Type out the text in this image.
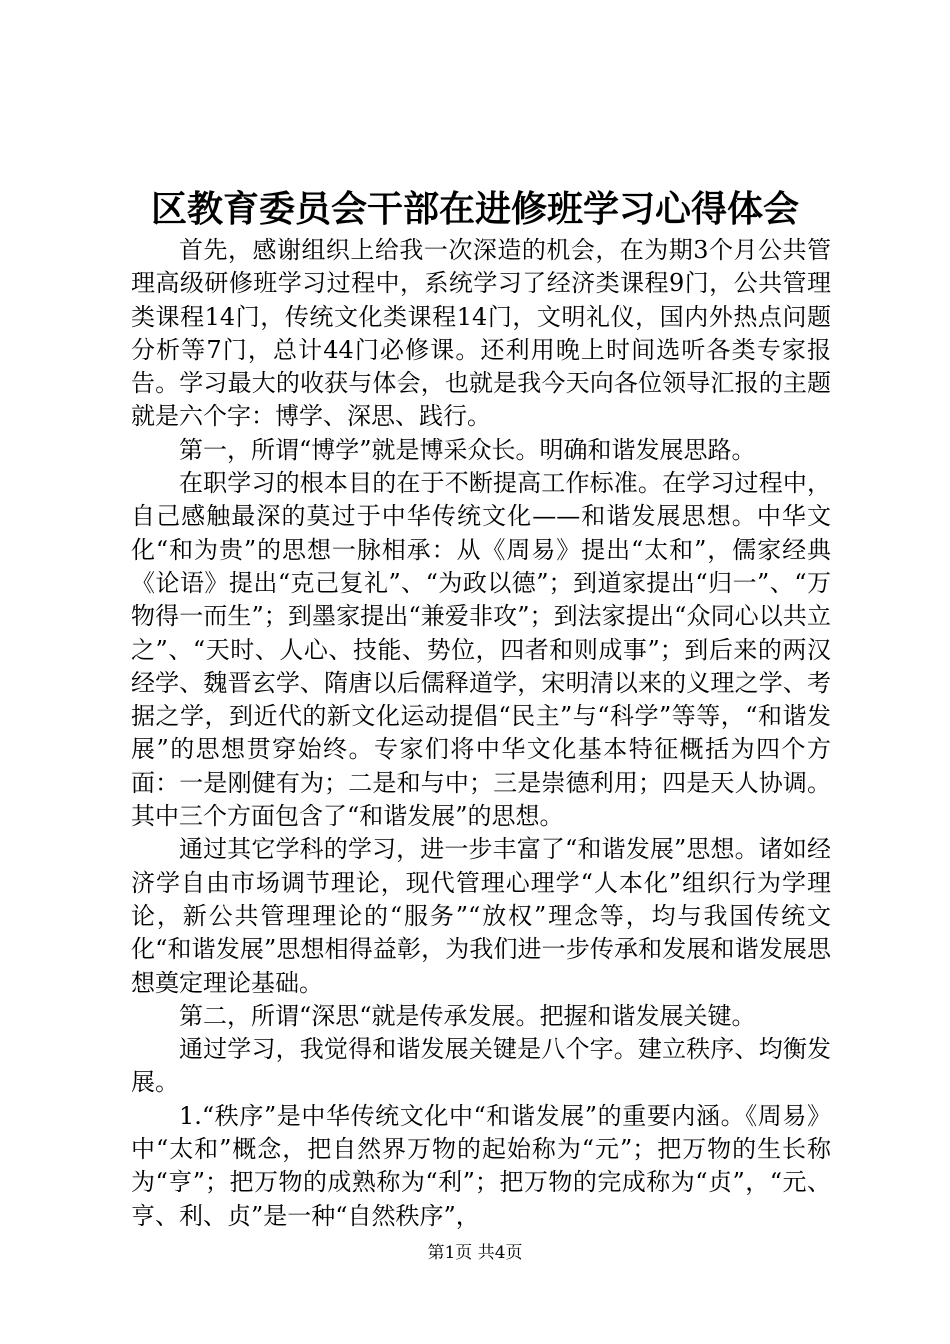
区教育委员会干部在进修班学习心得体会

首先，感谢组织上给我一次深造的机会，在为期3个月公共管理高级研修班学习过程中，系统学习了经济类课程9门，公共管理类课程14门，传统文化类课程14门，文明礼仪，国内外热点问题分析等7门，总计44门必修课。还利用晚上时间选听各类专家报告。学习最大的收获与体会，也就是我今天向各位领导汇报的主题就是六个字：博学、深思、践行。

第一，所谓“博学”就是博采众长。明确和谐发展思路。

在职学习的根本目的在于不断提高工作标准。在学习过程中，自己感触最深的莫过于中华传统文化——和谐发展思想。中华文化“和为贵”的思想一脉相承：从《周易》提出“太和”，儒家经典《论语》提出“克己复礼”、“为政以德”；到道家提出“归一”、“万物得一而生”；到墨家提出“兼爱非攻”；到法家提出“众同心以共立之”、“天时、人心、技能、势位，四者和则成事”；到后来的两汉经学、魏晋玄学、隋唐以后儒释道学，宋明清以来的义理之学、考据之学，到近代的新文化运动提倡“民主”与“科学”等等，“和谐发展”的思想贯穿始终。专家们将中华文化基本特征概括为四个方面：一是刚健有为；二是和与中；三是崇德利用；四是天人协调。其中三个方面包含了“和谐发展”的思想。

通过其它学科的学习，进一步丰富了“和谐发展”思想。诸如经济学自由市场调节理论，现代管理心理学“人本化”组织行为学理论，新公共管理理论的“服务”“放权”理念等，均与我国传统文化“和谐发展”思想相得益彰，为我们进一步传承和发展和谐发展思想奠定理论基础。

第二，所谓“深思“就是传承发展。把握和谐发展关键。

通过学习，我觉得和谐发展关键是八个字。建立秩序、均衡发展。

1.“秩序”是中华传统文化中“和谐发展”的重要内涵。《周易》中“太和”概念，把自然界万物的起始称为“元”；把万物的生长称为“亨”；把万物的成熟称为“利”；把万物的完成称为“贞”，“元、亨、利、贞”是一种“自然秩序”，

第1页 共4页
